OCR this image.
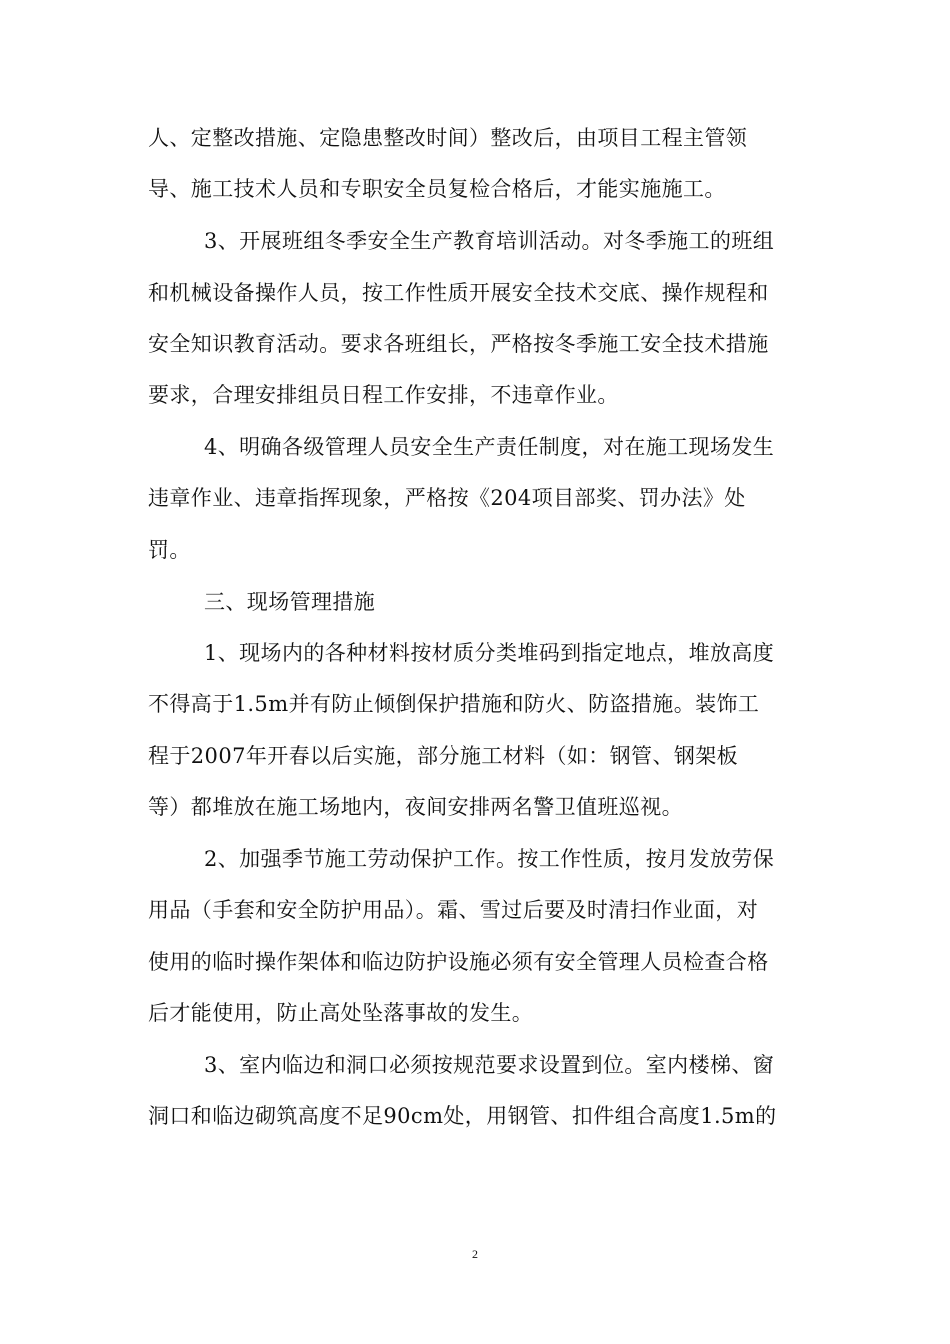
人、定整改措施、定隐患整改时间）整改后，由项目工程主管领
导、施工技术人员和专职安全员复检合格后，才能实施施工。
3、开展班组冬季安全生产教育培训活动。对冬季施工的班组
和机械设备操作人员，按工作性质开展安全技术交底、操作规程和
安全知识教育活动。要求各班组长，严格按冬季施工安全技术措施
要求，合理安排组员日程工作安排，不违章作业。
4、明确各级管理人员安全生产责任制度，对在施工现场发生
违章作业、违章指挥现象，严格按《204项目部奖、罚办法》处
罚。
三、现场管理措施
1、现场内的各种材料按材质分类堆码到指定地点，堆放高度
不得高于1.5m并有防止倾倒保护措施和防火、防盗措施。装饰工
程于2007年开春以后实施，部分施工材料（如：钢管、钢架板
等）都堆放在施工场地内，夜间安排两名警卫值班巡视。
2、加强季节施工劳动保护工作。按工作性质，按月发放劳保
用品（手套和安全防护用品）。霜、雪过后要及时清扫作业面，对
使用的临时操作架体和临边防护设施必须有安全管理人员检查合格
后才能使用，防止高处坠落事故的发生。
3、室内临边和洞口必须按规范要求设置到位。室内楼梯、窗
洞口和临边砌筑高度不足90cm处，用钢管、扣件组合高度1.5m的
2
